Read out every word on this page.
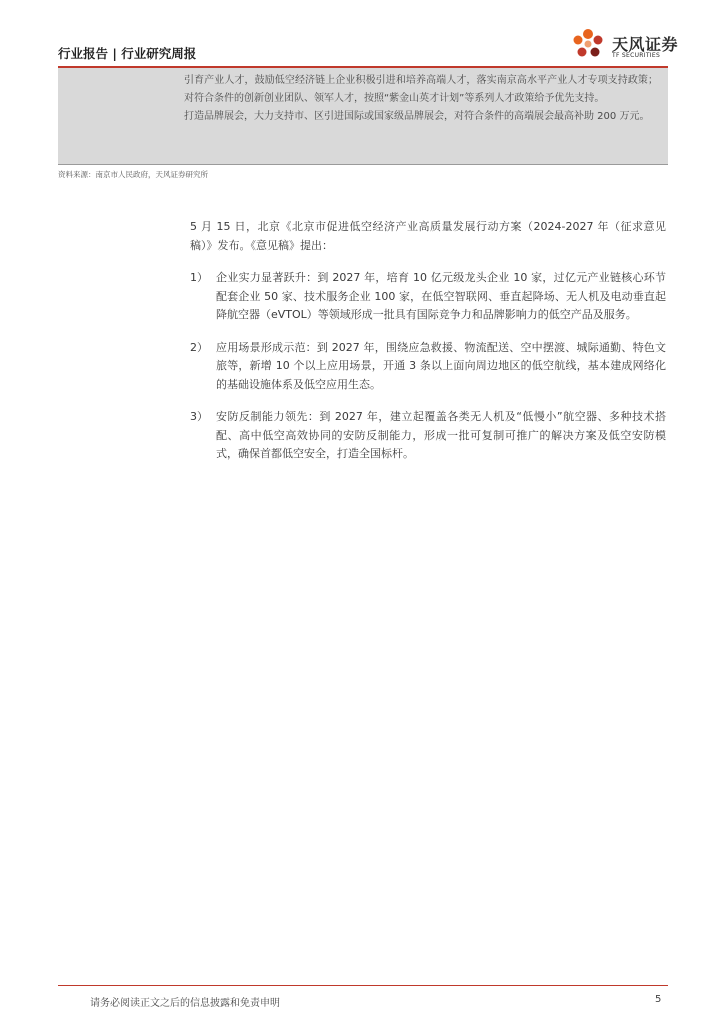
行业报告 | 行业研究周报	天风证券
TF SECURITIES

引育产业人才，鼓励低空经济链上企业积极引进和培养高端人才，落实南京高水平产业人才专项支持政策；对符合条件的创新创业团队、领军人才，按照“紫金山英才计划”等系列人才政策给予优先支持。

打造品牌展会，大力支持市、区引进国际或国家级品牌展会，对符合条件的高端展会最高补助 200 万元。

资料来源：南京市人民政府，天风证券研究所

5 月 15 日，北京《北京市促进低空经济产业高质量发展行动方案（2024-2027 年（征求意见稿）》发布。《意见稿》提出：

1） 企业实力显著跃升：到 2027 年，培育 10 亿元级龙头企业 10 家，过亿元产业链核心环节配套企业 50 家、技术服务企业 100 家，在低空智联网、垂直起降场、无人机及电动垂直起降航空器（eVTOL）等领域形成一批具有国际竞争力和品牌影响力的低空产品及服务。

2） 应用场景形成示范：到 2027 年，围绕应急救援、物流配送、空中摆渡、城际通勤、特色文旅等，新增 10 个以上应用场景，开通 3 条以上面向周边地区的低空航线，基本建成网络化的基础设施体系及低空应用生态。

3） 安防反制能力领先：到 2027 年，建立起覆盖各类无人机及“低慢小”航空器、多种技术搭配、高中低空高效协同的安防反制能力，形成一批可复制可推广的解决方案及低空安防模式，确保首都低空安全，打造全国标杆。

请务必阅读正文之后的信息披露和免责申明	5
